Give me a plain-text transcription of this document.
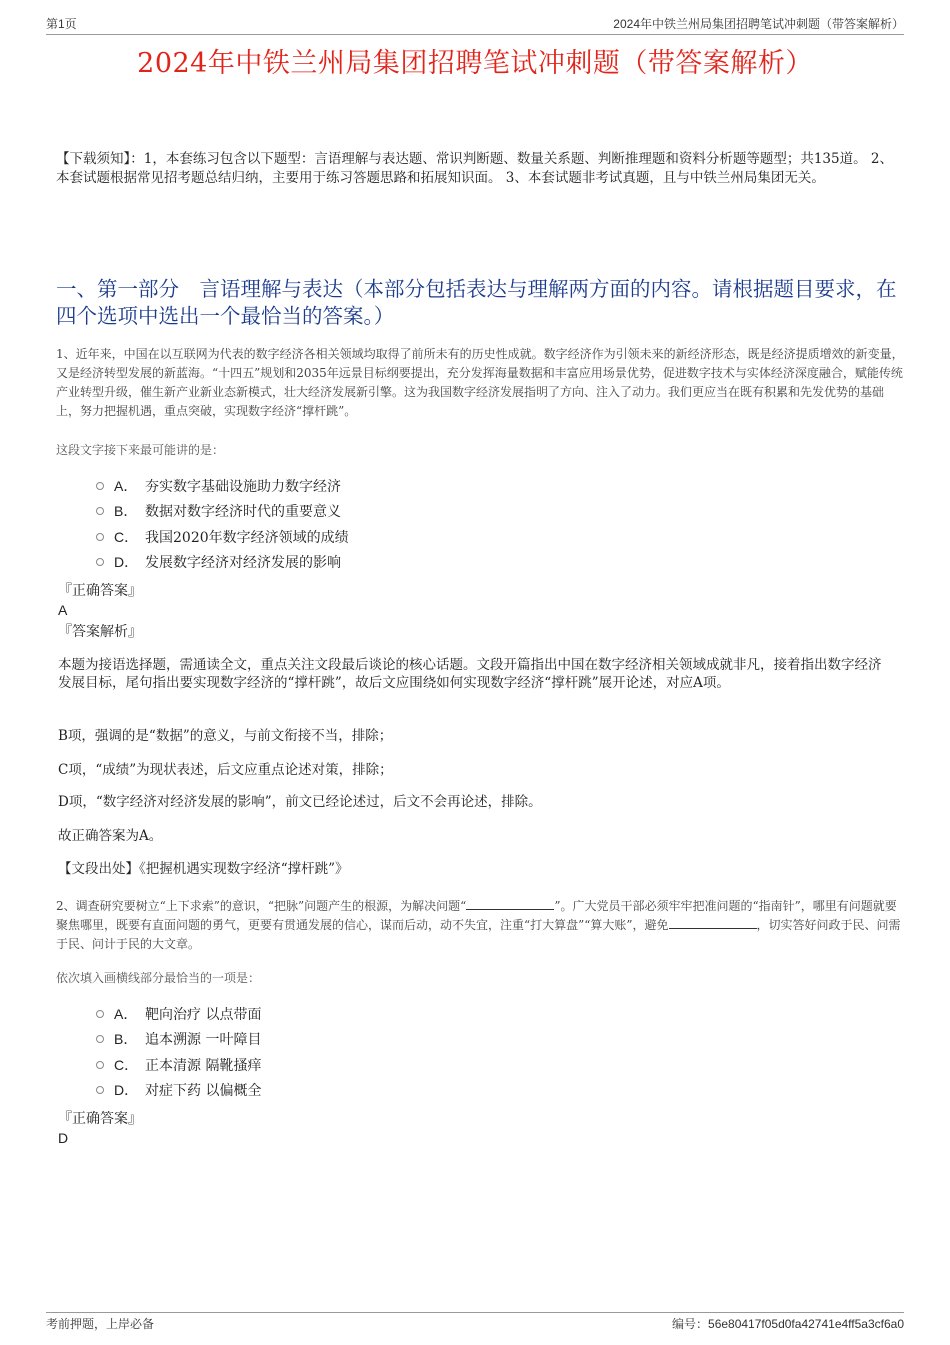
第1页	2024年中铁兰州局集团招聘笔试冲刺题（带答案解析）
2024年中铁兰州局集团招聘笔试冲刺题（带答案解析）
【下载须知】：1，本套练习包含以下题型：言语理解与表达题、常识判断题、数量关系题、判断推理题和资料分析题等题型；共135道。 2、本套试题根据常见招考题总结归纳，主要用于练习答题思路和拓展知识面。 3、本套试题非考试真题，且与中铁兰州局集团无关。
一、第一部分　言语理解与表达（本部分包括表达与理解两方面的内容。请根据题目要求，在四个选项中选出一个最恰当的答案。）
1、近年来，中国在以互联网为代表的数字经济各相关领域均取得了前所未有的历史性成就。数字经济作为引领未来的新经济形态，既是经济提质增效的新变量，又是经济转型发展的新蓝海。“十四五”规划和2035年远景目标纲要提出，充分发挥海量数据和丰富应用场景优势，促进数字技术与实体经济深度融合，赋能传统产业转型升级，催生新产业新业态新模式，壮大经济发展新引擎。这为我国数字经济发展指明了方向、注入了动力。我们更应当在既有积累和先发优势的基础上，努力把握机遇，重点突破，实现数字经济“撑杆跳”。
这段文字接下来最可能讲的是：
A． 夯实数字基础设施助力数字经济
B． 数据对数字经济时代的重要意义
C． 我国2020年数字经济领域的成绩
D． 发展数字经济对经济发展的影响
『正确答案』
A
『答案解析』
本题为接语选择题，需通读全文，重点关注文段最后谈论的核心话题。文段开篇指出中国在数字经济相关领域成就非凡，接着指出数字经济发展目标，尾句指出要实现数字经济的“撑杆跳”，故后文应围绕如何实现数字经济“撑杆跳”展开论述，对应A项。
B项，强调的是“数据”的意义，与前文衔接不当，排除；
C项，“成绩”为现状表述，后文应重点论述对策，排除；
D项，“数字经济对经济发展的影响”，前文已经论述过，后文不会再论述，排除。
故正确答案为A。
【文段出处】《把握机遇实现数字经济“撑杆跳”》
2、调查研究要树立“上下求索”的意识，“把脉”问题产生的根源，为解决问题“	”。广大党员干部必须牢牢把准问题的“指南针”，哪里有问题就要聚焦哪里，既要有直面问题的勇气，更要有贯通发展的信心，谋而后动，动不失宜，注重“打大算盘”“算大账”，避免	，切实答好问政于民、问需于民、问计于民的大文章。
依次填入画横线部分最恰当的一项是：
A． 靶向治疗 以点带面
B． 追本溯源 一叶障目
C． 正本清源 隔靴搔痒
D． 对症下药 以偏概全
『正确答案』
D
考前押题，上岸必备	编号：56e80417f05d0fa42741e4ff5a3cf6a0
